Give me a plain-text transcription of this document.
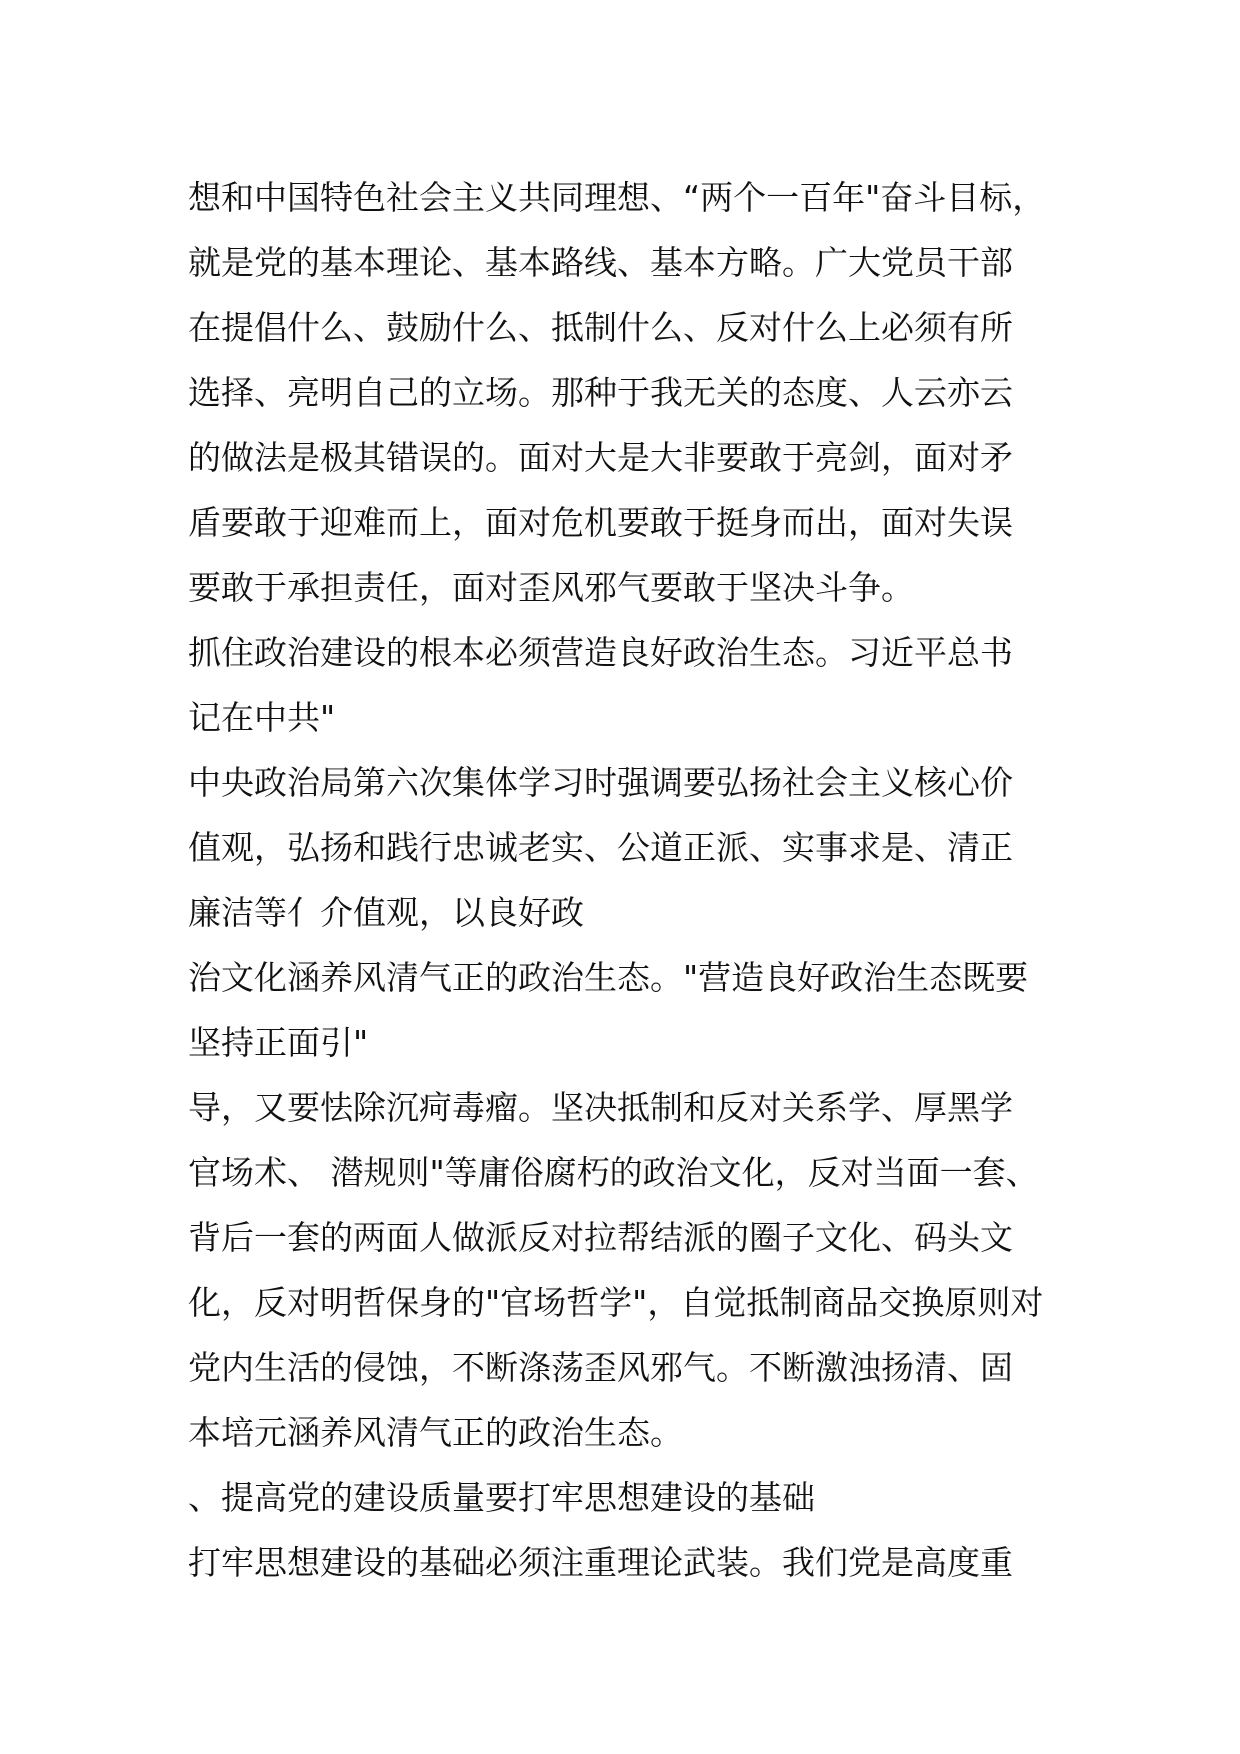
想和中国特色社会主义共同理想、“两个一百年"奋斗目标，
就是党的基本理论、基本路线、基本方略。广大党员干部
在提倡什么、鼓励什么、抵制什么、反对什么上必须有所
选择、亮明自己的立场。那种于我无关的态度、人云亦云
的做法是极其错误的。面对大是大非要敢于亮剑，面对矛
盾要敢于迎难而上，面对危机要敢于挺身而出，面对失误
要敢于承担责任，面对歪风邪气要敢于坚决斗争。
抓住政治建设的根本必须营造良好政治生态。习近平总书
记在中共"
中央政治局第六次集体学习时强调要弘扬社会主义核心价
值观，弘扬和践行忠诚老实、公道正派、实事求是、清正
廉洁等亻介值观，以良好政
治文化涵养风清气正的政治生态。"营造良好政治生态既要
坚持正面引"
导，又要怯除沉疴毒瘤。坚决抵制和反对关系学、厚黑学
官场术、 潜规则"等庸俗腐朽的政治文化，反对当面一套、
背后一套的两面人做派反对拉帮结派的圈子文化、码头文
化，反对明哲保身的"官场哲学"，自觉抵制商品交换原则对
党内生活的侵蚀，不断涤荡歪风邪气。不断激浊扬清、固
本培元涵养风清气正的政治生态。
、提高党的建设质量要打牢思想建设的基础
打牢思想建设的基础必须注重理论武装。我们党是高度重
